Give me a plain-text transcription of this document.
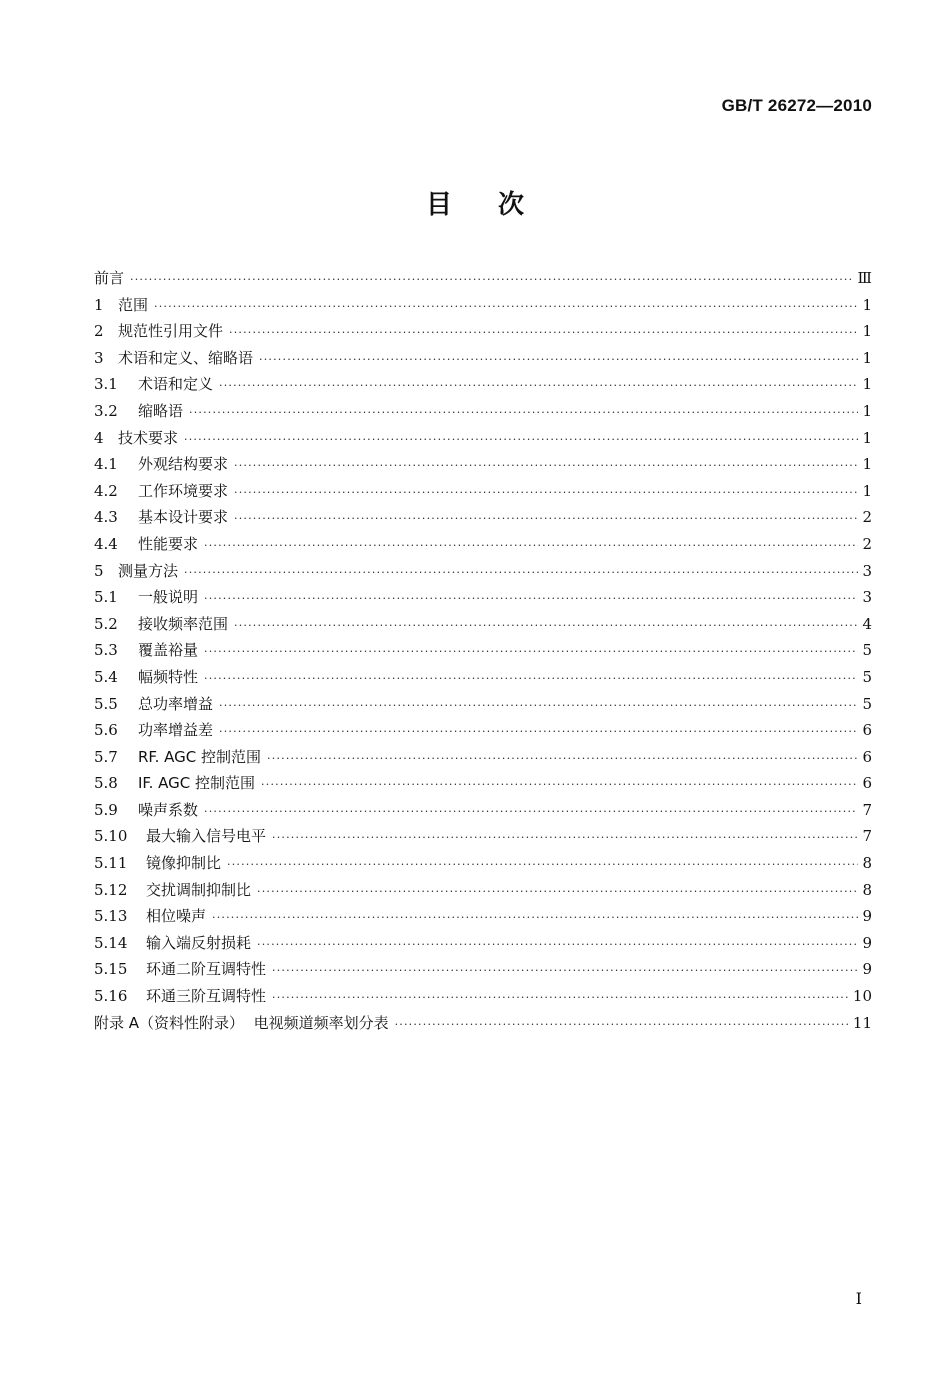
GB/T 26272—2010
目次
前言 ·····	Ⅲ
1 范围 ·····	1
2 规范性引用文件 ·····	1
3 术语和定义、缩略语 ·····	1
3.1	术语和定义 ·····	1
3.2	缩略语 ·····	1
4 技术要求 ·····	1
4.1	外观结构要求 ·····	1
4.2	工作环境要求 ·····	1
4.3	基本设计要求 ·····	2
4.4	性能要求 ·····	2
5 测量方法 ·····	3
5.1	一般说明 ·····	3
5.2	接收频率范围 ·····	4
5.3	覆盖裕量 ·····	5
5.4	幅频特性 ·····	5
5.5	总功率增益 ·····	5
5.6	功率增益差 ·····	6
5.7	RF. AGC 控制范围 ·····	6
5.8	IF. AGC 控制范围 ·····	6
5.9	噪声系数 ·····	7
5.10	最大输入信号电平 ·····	7
5.11	镜像抑制比 ·····	8
5.12	交扰调制抑制比 ·····	8
5.13	相位噪声 ·····	9
5.14	输入端反射损耗 ·····	9
5.15	环通二阶互调特性 ·····	9
5.16	环通三阶互调特性 ·····	10
附录 A（资料性附录）  电视频道频率划分表 ·····	11
I
